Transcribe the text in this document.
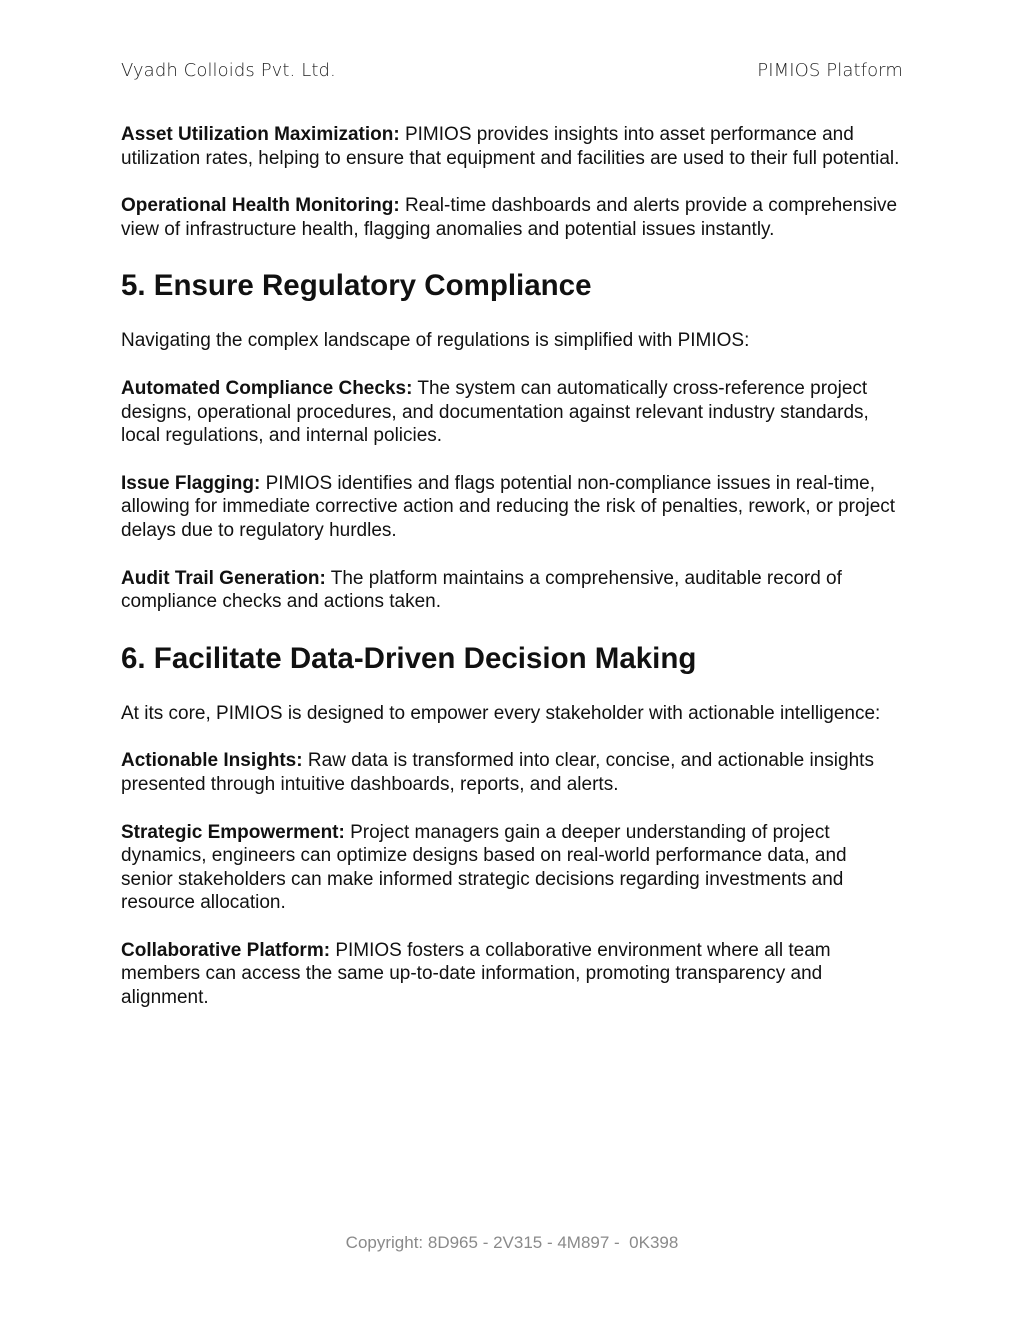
Vyadh Colloids Pvt. Ltd.	PIMIOS Platform

Asset Utilization Maximization: PIMIOS provides insights into asset performance and utilization rates, helping to ensure that equipment and facilities are used to their full potential.

Operational Health Monitoring: Real-time dashboards and alerts provide a comprehensive view of infrastructure health, flagging anomalies and potential issues instantly.

5. Ensure Regulatory Compliance

Navigating the complex landscape of regulations is simplified with PIMIOS:

Automated Compliance Checks: The system can automatically cross-reference project designs, operational procedures, and documentation against relevant industry standards, local regulations, and internal policies.

Issue Flagging: PIMIOS identifies and flags potential non-compliance issues in real-time, allowing for immediate corrective action and reducing the risk of penalties, rework, or project delays due to regulatory hurdles.

Audit Trail Generation: The platform maintains a comprehensive, auditable record of compliance checks and actions taken.

6. Facilitate Data-Driven Decision Making

At its core, PIMIOS is designed to empower every stakeholder with actionable intelligence:

Actionable Insights: Raw data is transformed into clear, concise, and actionable insights presented through intuitive dashboards, reports, and alerts.

Strategic Empowerment: Project managers gain a deeper understanding of project dynamics, engineers can optimize designs based on real-world performance data, and senior stakeholders can make informed strategic decisions regarding investments and resource allocation.

Collaborative Platform: PIMIOS fosters a collaborative environment where all team members can access the same up-to-date information, promoting transparency and alignment.

Copyright: 8D965 - 2V315 - 4M897 -  0K398
